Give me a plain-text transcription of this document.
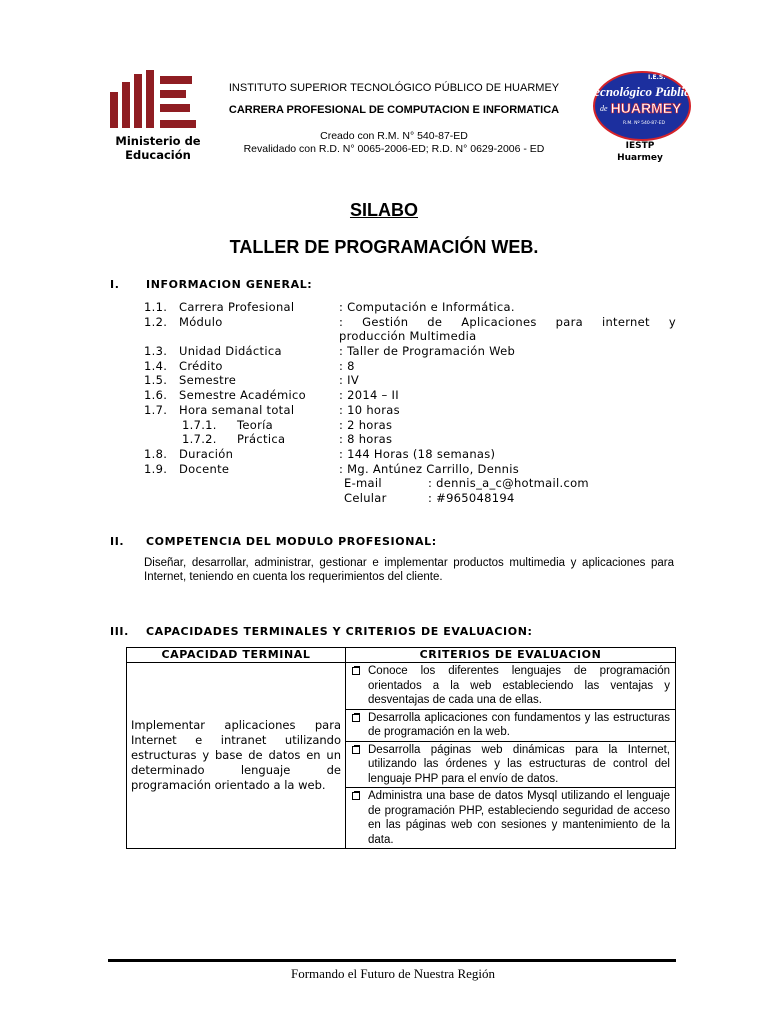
Ministerio de
Educación
INSTITUTO SUPERIOR TECNOLÓGICO PÚBLICO DE HUARMEY
CARRERA PROFESIONAL DE COMPUTACION E INFORMATICA
Creado con R.M. N° 540-87-ED
Revalidado con R.D. N° 0065-2006-ED; R.D. N° 0629-2006 - ED
I.E.S.
Tecnológico Público
de HUARMEY
R.M. Nº 540-87-ED
IESTP
Huarmey
SILABO
TALLER DE PROGRAMACIÓN WEB.
I. INFORMACION GENERAL:
1.1. Carrera Profesional	: Computación e Informática.
1.2. Módulo	: Gestión de Aplicaciones para internet y
producción Multimedia
1.3. Unidad Didáctica	: Taller de Programación Web
1.4. Crédito	: 8
1.5. Semestre	: IV
1.6. Semestre Académico	: 2014 – II
1.7. Hora semanal total	: 10 horas
1.7.1. Teoría	: 2 horas
1.7.2. Práctica	: 8 horas
1.8. Duración	: 144 Horas (18 semanas)
1.9. Docente	: Mg. Antúnez Carrillo, Dennis
E-mail	: dennis_a_c@hotmail.com
Celular	: #965048194
II. COMPETENCIA DEL MODULO PROFESIONAL:
Diseñar, desarrollar, administrar, gestionar e implementar productos multimedia y aplicaciones para Internet, teniendo en cuenta los requerimientos del cliente.
III. CAPACIDADES TERMINALES Y CRITERIOS DE EVALUACION:
CAPACIDAD TERMINAL	CRITERIOS DE EVALUACION
Implementar aplicaciones para Internet e intranet utilizando estructuras y base de datos en un determinado lenguaje de programación orientado a la web.	Conoce los diferentes lenguajes de programación orientados a la web estableciendo las ventajas y desventajas de cada una de ellas.

Desarrolla aplicaciones con fundamentos y las estructuras de programación en la web.

Desarrolla páginas web dinámicas para la Internet, utilizando las órdenes y las estructuras de control del lenguaje PHP para el envío de datos.

Administra una base de datos Mysql utilizando el lenguaje de programación PHP, estableciendo seguridad de acceso en las páginas web con sesiones y mantenimiento de la data.
Formando el Futuro de Nuestra Región
